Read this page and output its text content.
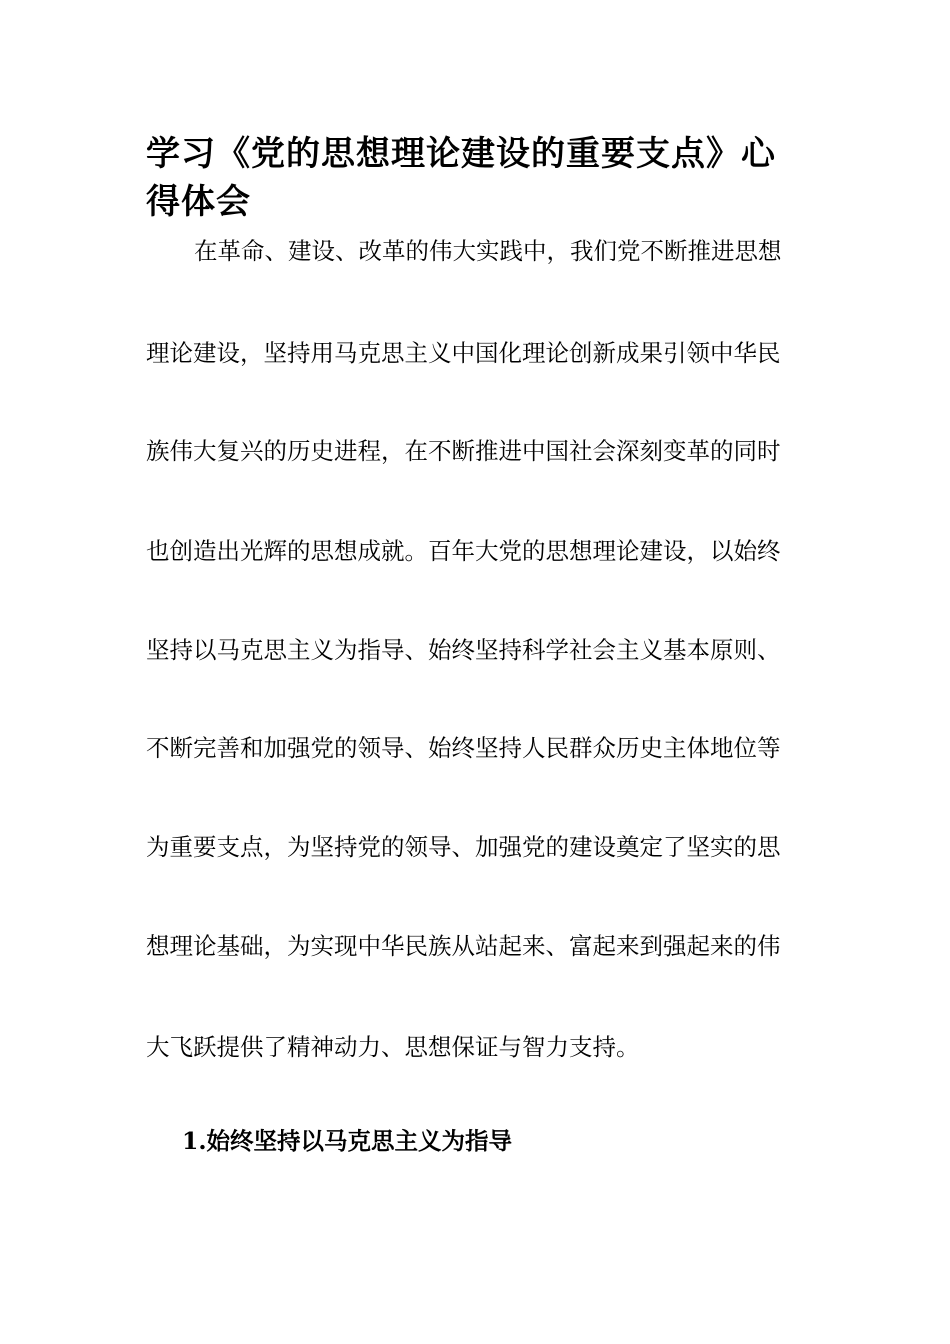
学习《党的思想理论建设的重要支点》心得体会

在革命、建设、改革的伟大实践中，我们党不断推进思想

理论建设，坚持用马克思主义中国化理论创新成果引领中华民

族伟大复兴的历史进程，在不断推进中国社会深刻变革的同时

也创造出光辉的思想成就。百年大党的思想理论建设，以始终

坚持以马克思主义为指导、始终坚持科学社会主义基本原则、

不断完善和加强党的领导、始终坚持人民群众历史主体地位等

为重要支点，为坚持党的领导、加强党的建设奠定了坚实的思

想理论基础，为实现中华民族从站起来、富起来到强起来的伟

大飞跃提供了精神动力、思想保证与智力支持。

1.始终坚持以马克思主义为指导
